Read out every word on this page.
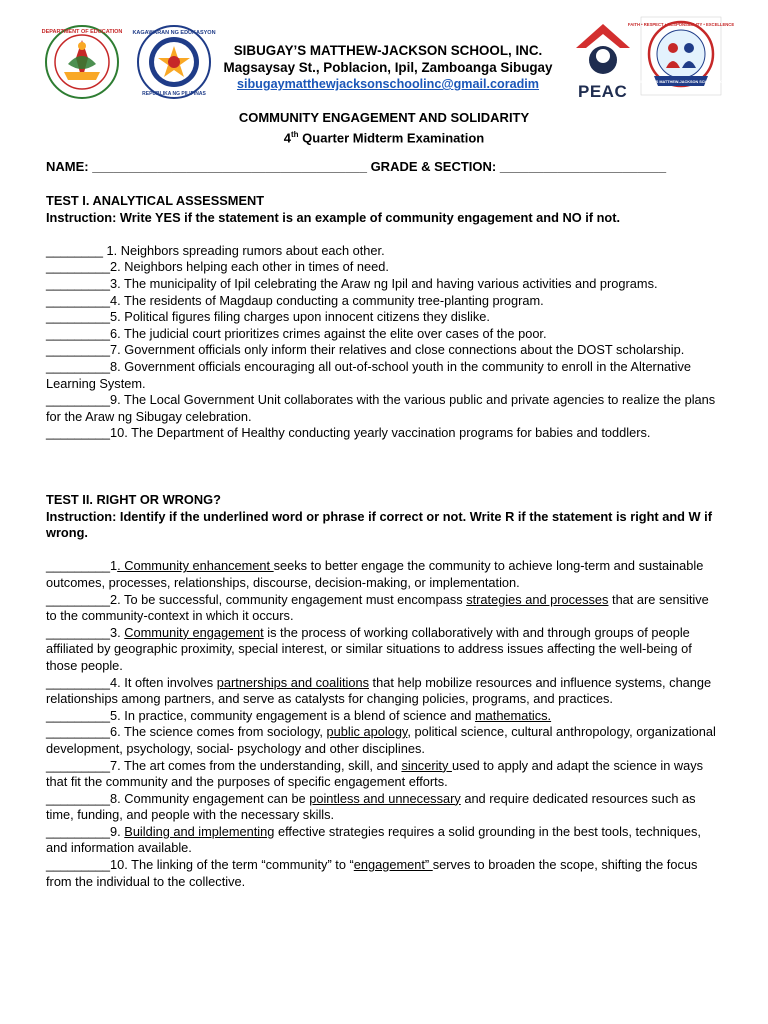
DEPARTMENT OF EDUCATION KAGAWARAN NG EDUKASYON
REPUBLIKA NG PILIPINAS
SIBUGAY’S MATTHEW-JACKSON SCHOOL, INC.
Magsaysay St., Poblacion, Ipil, Zamboanga Sibugay
sibugaymatthewjacksonschoolinc@gmail.coradim	PEAC
FAITH • RESPECT • RESPONSIBILITY • EXCELLENCE
SIBUGAY'S MATTHEW-JACKSON SCHOOL INC.
COMMUNITY ENGAGEMENT AND SOLIDARITY
4th Quarter Midterm Examination
NAME: ______________________________________ GRADE & SECTION: _______________________
TEST I. ANALYTICAL ASSESSMENT
Instruction: Write YES if the statement is an example of community engagement and NO if not.
________ 1. Neighbors spreading rumors about each other.
_________2. Neighbors helping each other in times of need.
_________3. The municipality of Ipil celebrating the Araw ng Ipil and having various activities and programs.
_________4. The residents of Magdaup conducting a community tree-planting program.
_________5. Political figures filing charges upon innocent citizens they dislike.
_________6. The judicial court prioritizes crimes against the elite over cases of the poor.
_________7. Government officials only inform their relatives and close connections about the DOST scholarship.
_________8. Government officials encouraging all out-of-school youth in the community to enroll in the Alternative Learning System.
_________9. The Local Government Unit collaborates with the various public and private agencies to realize the plans for the Araw ng Sibugay celebration.
_________10. The Department of Healthy conducting yearly vaccination programs for babies and toddlers.
TEST II. RIGHT OR WRONG?
Instruction: Identify if the underlined word or phrase if correct or not. Write R if the statement is right and W if wrong.
_________1. Community enhancement seeks to better engage the community to achieve long-term and sustainable outcomes, processes, relationships, discourse, decision-making, or implementation.
_________2. To be successful, community engagement must encompass strategies and processes that are sensitive to the community-context in which it occurs.
_________3. Community engagement is the process of working collaboratively with and through groups of people affiliated by geographic proximity, special interest, or similar situations to address issues affecting the well-being of those people.
_________4. It often involves partnerships and coalitions that help mobilize resources and influence systems, change relationships among partners, and serve as catalysts for changing policies, programs, and practices.
_________5. In practice, community engagement is a blend of science and mathematics.
_________6. The science comes from sociology, public apology, political science, cultural anthropology, organizational development, psychology, social- psychology and other disciplines.
_________7. The art comes from the understanding, skill, and sincerity used to apply and adapt the science in ways that fit the community and the purposes of specific engagement efforts.
_________8. Community engagement can be pointless and unnecessary and require dedicated resources such as time, funding, and people with the necessary skills.
_________9. Building and implementing effective strategies requires a solid grounding in the best tools, techniques, and information available.
_________10. The linking of the term “community” to “engagement” serves to broaden the scope, shifting the focus from the individual to the collective.
